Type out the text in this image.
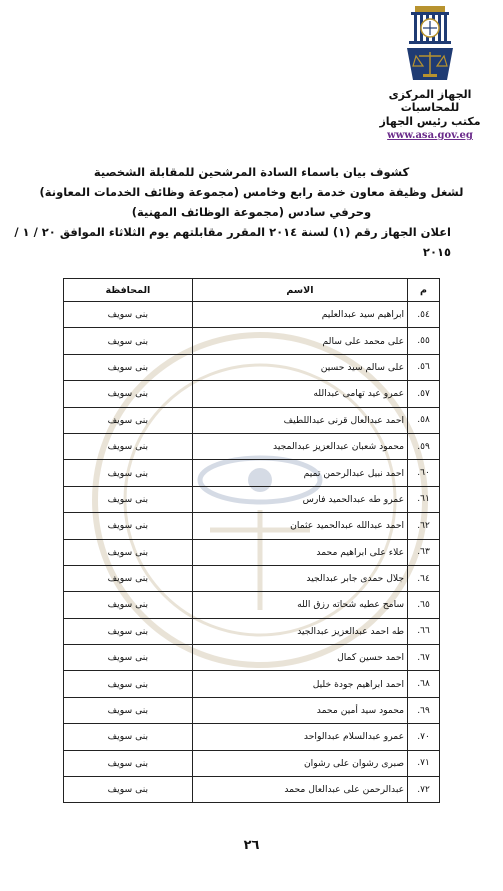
الجهاز المركزى للمحاسبات
مكتب رئيس الجهاز
www.asa.gov.eg
كشوف بيان باسماء السادة المرشحين للمقابلة الشخصية
لشغل وظيفة معاون خدمة رابع وخامس (مجموعة وظائف الخدمات المعاونة)
وحرفي سادس (مجموعة الوظائف المهنية)
اعلان الجهاز رقم (١) لسنة ٢٠١٤ المقرر مقابلتهم يوم الثلاثاء الموافق ٢٠ / ١ / ٢٠١٥
م	الاسم	المحافظة
٥٤.	ابراهيم سيد عبدالعليم	بنى سويف
٥٥.	على محمد على سالم	بنى سويف
٥٦.	على سالم سيد حسين	بنى سويف
٥٧.	عمرو عيد تهامى عبدالله	بنى سويف
٥٨.	احمد عبدالعال قرنى عبداللطيف	بنى سويف
٥٩.	محمود شعبان عبدالعزيز عبدالمجيد	بنى سويف
٦٠.	احمد نبيل عبدالرحمن تميم	بنى سويف
٦١.	عمرو طه عبدالحميد فارس	بنى سويف
٦٢.	احمد عبدالله عبدالحميد عثمان	بنى سويف
٦٣.	علاء على ابراهيم محمد	بنى سويف
٦٤.	جلال حمدى جابر عبدالجيد	بنى سويف
٦٥.	سامح عطيه شحاته رزق الله	بنى سويف
٦٦.	طه احمد عبدالعزيز عبدالجيد	بنى سويف
٦٧.	احمد حسين كمال	بنى سويف
٦٨.	احمد ابراهيم جودة خليل	بنى سويف
٦٩.	محمود سيد أمين محمد	بنى سويف
٧٠.	عمرو عبدالسلام عبدالواحد	بنى سويف
٧١.	صبرى رشوان على رشوان	بنى سويف
٧٢.	عبدالرحمن على عبدالعال محمد	بنى سويف
٢٦
